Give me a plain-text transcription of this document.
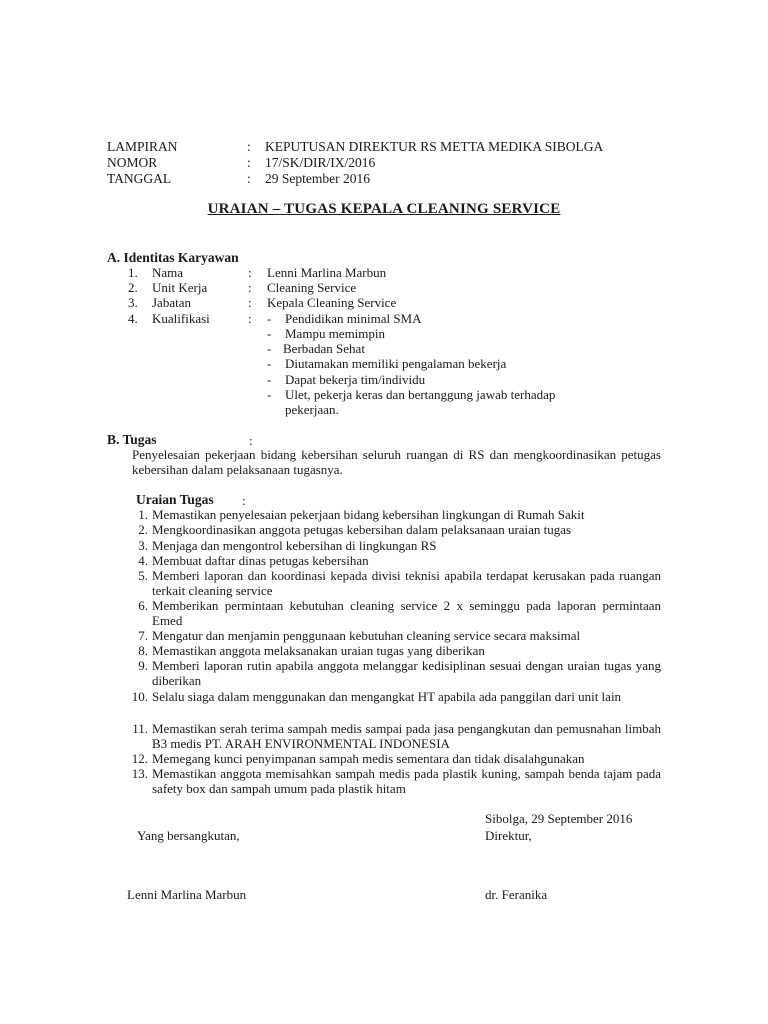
LAMPIRAN	: KEPUTUSAN DIREKTUR RS METTA MEDIKA SIBOLGA
NOMOR	: 17/SK/DIR/IX/2016
TANGGAL	: 29 September 2016
URAIAN – TUGAS KEPALA CLEANING SERVICE
A. Identitas Karyawan
1. Nama	: Lenni Marlina Marbun
2. Unit Kerja	: Cleaning Service
3. Jabatan	: Kepala Cleaning Service
4. Kualifikasi	: - Pendidikan minimal SMA
- Mampu memimpin
- Berbadan Sehat
- Diutamakan memiliki pengalaman bekerja
- Dapat bekerja tim/individu
- Ulet, pekerja keras dan bertanggung jawab terhadap pekerjaan.
B. Tugas	:
Penyelesaian pekerjaan bidang kebersihan seluruh ruangan di RS dan mengkoordinasikan petugas kebersihan dalam pelaksanaan tugasnya.
Uraian Tugas :
1. Memastikan penyelesaian pekerjaan bidang kebersihan lingkungan di Rumah Sakit
2. Mengkoordinasikan anggota petugas kebersihan dalam pelaksanaan uraian tugas
3. Menjaga dan mengontrol kebersihan di lingkungan RS
4. Membuat daftar dinas petugas kebersihan
5. Memberi laporan dan koordinasi kepada divisi teknisi apabila terdapat kerusakan pada ruangan terkait cleaning service
6. Memberikan permintaan kebutuhan cleaning service 2 x seminggu pada laporan permintaan Emed
7. Mengatur dan menjamin penggunaan kebutuhan cleaning service secara maksimal
8. Memastikan anggota melaksanakan uraian tugas yang diberikan
9. Memberi laporan rutin apabila anggota melanggar kedisiplinan sesuai dengan uraian tugas yang diberikan
10. Selalu siaga dalam menggunakan dan mengangkat HT apabila ada panggilan dari unit lain
11. Memastikan serah terima sampah medis sampai pada jasa pengangkutan dan pemusnahan limbah B3 medis PT. ARAH ENVIRONMENTAL INDONESIA
12. Memegang kunci penyimpanan sampah medis sementara dan tidak disalahgunakan
13. Memastikan anggota memisahkan sampah medis pada plastik kuning, sampah benda tajam pada safety box dan sampah umum pada plastik hitam
Sibolga, 29 September 2016
Yang bersangkutan,	Direktur,
Lenni Marlina Marbun	dr. Feranika
